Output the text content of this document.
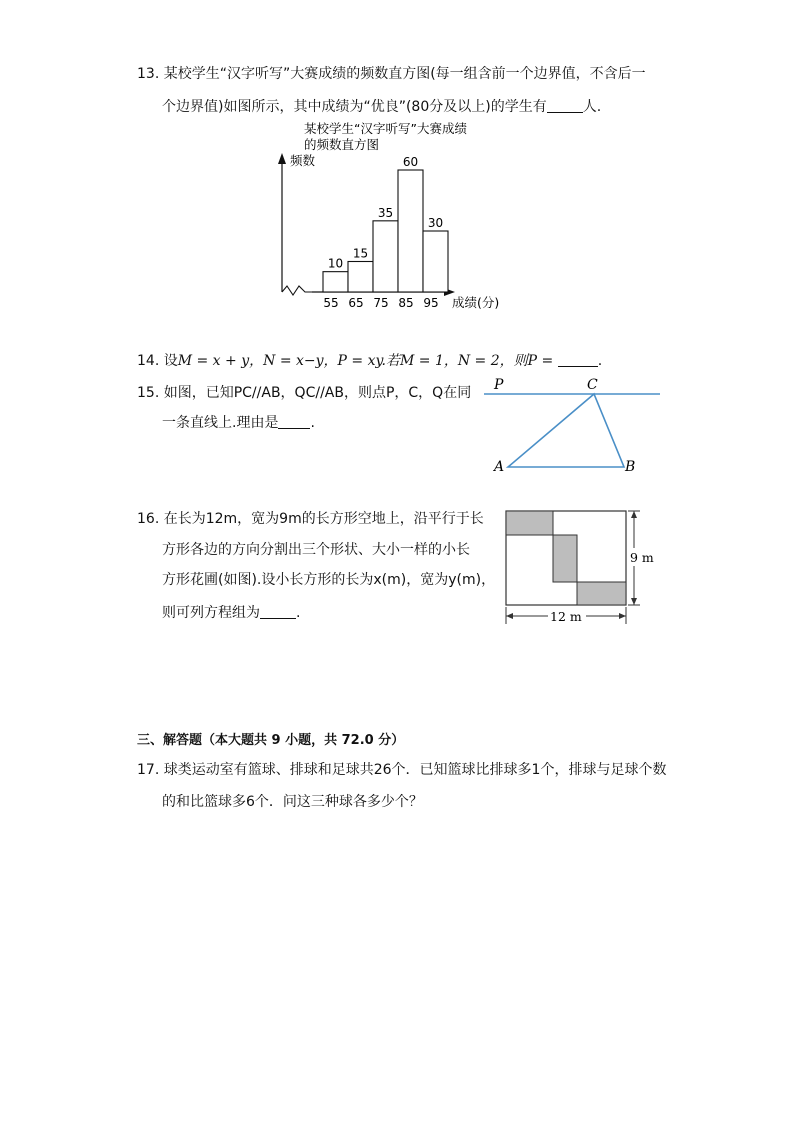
13. 某校学生“汉字听写”大赛成绩的频数直方图(每一组含前一个边界值，不含后一
个边界值)如图所示，其中成绩为“优良”(80分及以上)的学生有	人.
某校学生“汉字听写”大赛成绩
的频数直方图
频数
10
15
35
60
30
55 65 75 85 95 成绩(分)
14. 设M = x + y，N = x−y，P = xy.若M = 1，N = 2，则P =	.
15. 如图，已知PC//AB，QC//AB，则点P，C，Q在同
一条直线上.理由是 .
P	C
A	B
16. 在长为12m，宽为9m的长方形空地上，沿平行于长
方形各边的方向分割出三个形状、大小一样的小长
方形花圃(如图).设小长方形的长为x(m)，宽为y(m)，
则可列方程组为	.
9 m
12 m
三、解答题（本大题共 9 小题，共 72.0 分）
17. 球类运动室有篮球、排球和足球共26个．已知篮球比排球多1个，排球与足球个数
的和比篮球多6个．问这三种球各多少个？
